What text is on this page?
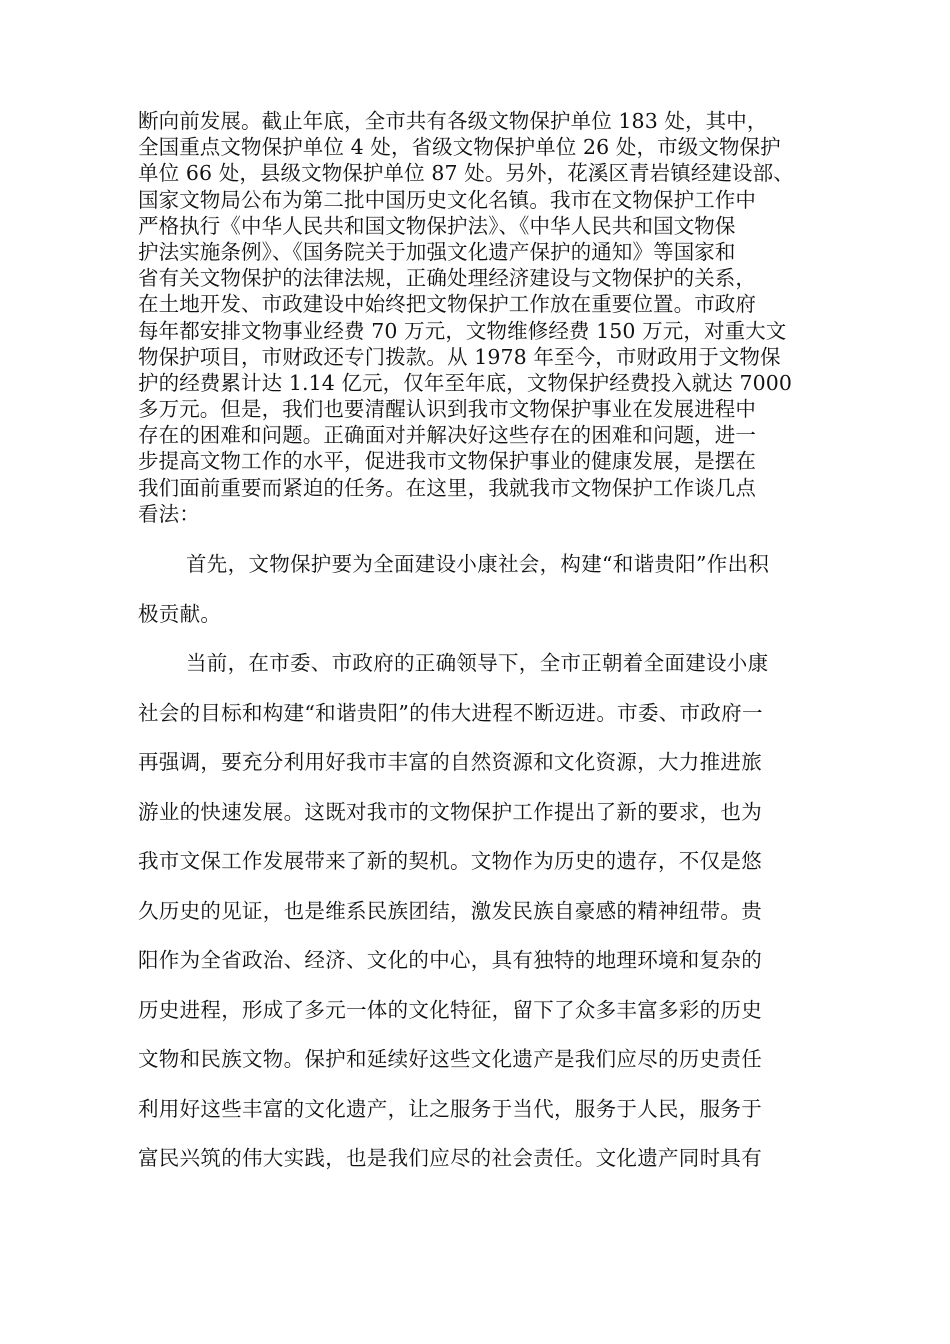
断向前发展。截止年底，全市共有各级文物保护单位 183 处，其中，
全国重点文物保护单位 4 处，省级文物保护单位 26 处，市级文物保护
单位 66 处，县级文物保护单位 87 处。另外，花溪区青岩镇经建设部、
国家文物局公布为第二批中国历史文化名镇。我市在文物保护工作中
严格执行《中华人民共和国文物保护法》、《中华人民共和国文物保
护法实施条例》、《国务院关于加强文化遗产保护的通知》等国家和
省有关文物保护的法律法规，正确处理经济建设与文物保护的关系，
在土地开发、市政建设中始终把文物保护工作放在重要位置。市政府
每年都安排文物事业经费 70 万元，文物维修经费 150 万元，对重大文
物保护项目，市财政还专门拨款。从 1978 年至今，市财政用于文物保
护的经费累计达 1.14 亿元，仅年至年底，文物保护经费投入就达 7000
多万元。但是，我们也要清醒认识到我市文物保护事业在发展进程中
存在的困难和问题。正确面对并解决好这些存在的困难和问题，进一
步提高文物工作的水平，促进我市文物保护事业的健康发展，是摆在
我们面前重要而紧迫的任务。在这里，我就我市文物保护工作谈几点
看法：
首先，文物保护要为全面建设小康社会，构建“和谐贵阳”作出积
极贡献。
当前，在市委、市政府的正确领导下，全市正朝着全面建设小康
社会的目标和构建“和谐贵阳”的伟大进程不断迈进。市委、市政府一
再强调，要充分利用好我市丰富的自然资源和文化资源，大力推进旅
游业的快速发展。这既对我市的文物保护工作提出了新的要求，也为
我市文保工作发展带来了新的契机。文物作为历史的遗存，不仅是悠
久历史的见证，也是维系民族团结，激发民族自豪感的精神纽带。贵
阳作为全省政治、经济、文化的中心，具有独特的地理环境和复杂的
历史进程，形成了多元一体的文化特征，留下了众多丰富多彩的历史
文物和民族文物。保护和延续好这些文化遗产是我们应尽的历史责任
利用好这些丰富的文化遗产，让之服务于当代，服务于人民，服务于
富民兴筑的伟大实践，也是我们应尽的社会责任。文化遗产同时具有
